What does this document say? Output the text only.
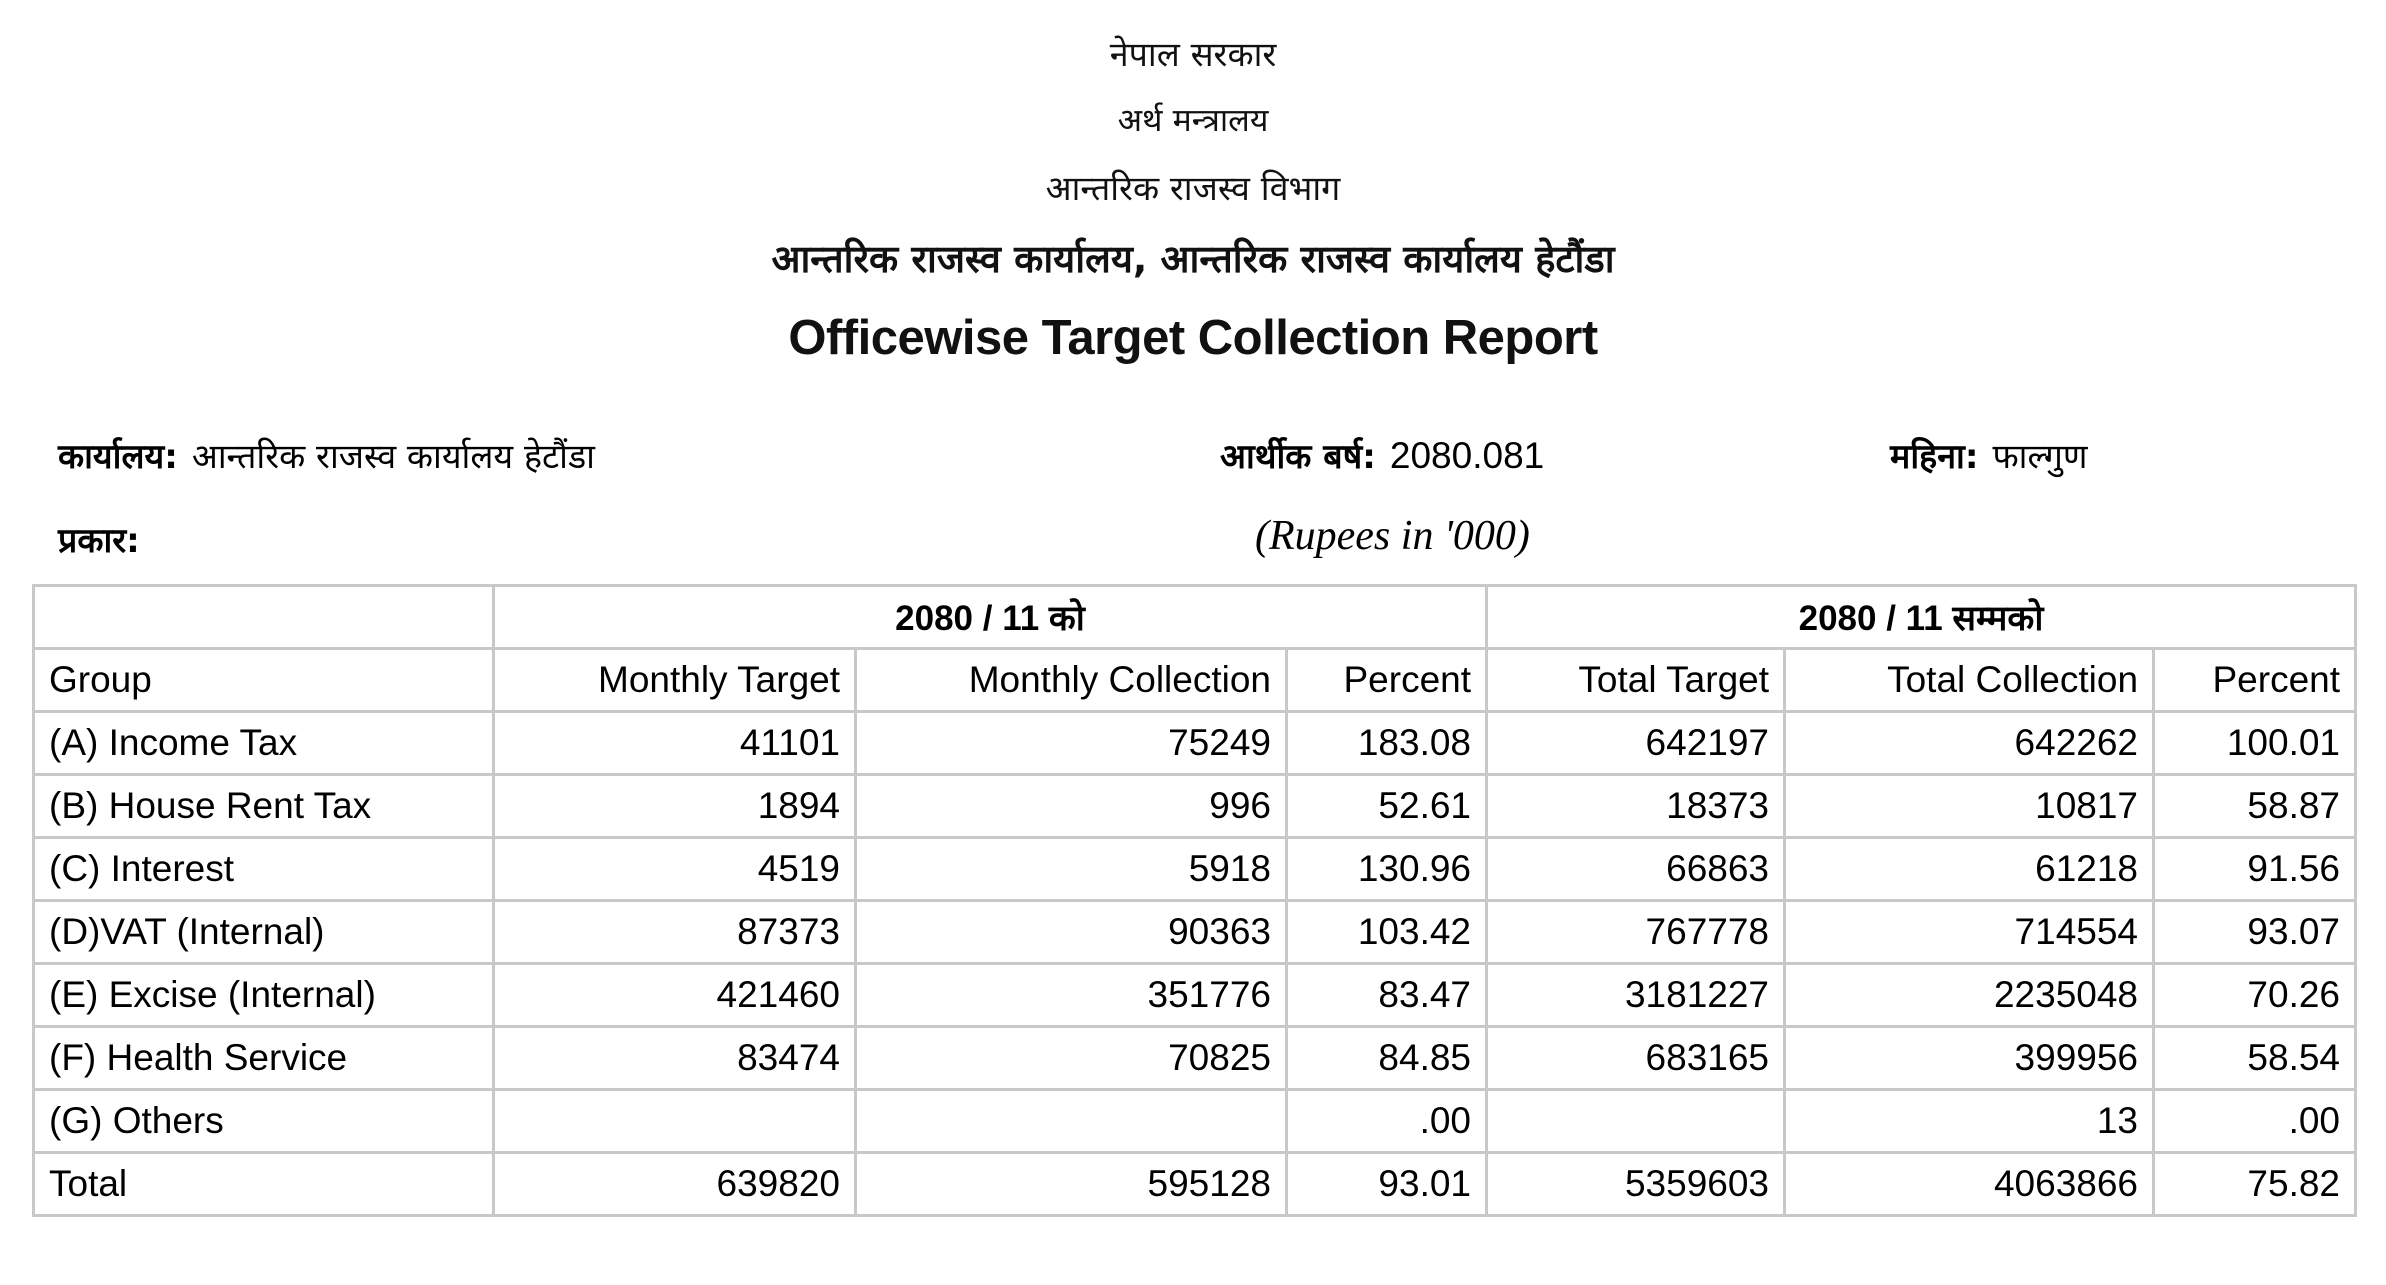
नेपाल सरकार
अर्थ मन्त्रालय
आन्तरिक राजस्व विभाग
आन्तरिक राजस्व कार्यालय, आन्तरिक राजस्व कार्यालय हेटौंडा
Officewise Target Collection Report
कार्यालय: आन्तरिक राजस्व कार्यालय हेटौंडा	आर्थीक बर्ष: 2080.081	महिना: फाल्गुण
प्रकार:	(Rupees in '000)
	2080 / 11 को			2080 / 11 सम्मको		
Group	Monthly Target	Monthly Collection	Percent	Total Target	Total Collection	Percent
(A) Income Tax	41101	75249	183.08	642197	642262	100.01
(B) House Rent Tax	1894	996	52.61	18373	10817	58.87
(C) Interest	4519	5918	130.96	66863	61218	91.56
(D)VAT (Internal)	87373	90363	103.42	767778	714554	93.07
(E) Excise (Internal)	421460	351776	83.47	3181227	2235048	70.26
(F) Health Service	83474	70825	84.85	683165	399956	58.54
(G) Others			.00		13	.00
Total	639820	595128	93.01	5359603	4063866	75.82
